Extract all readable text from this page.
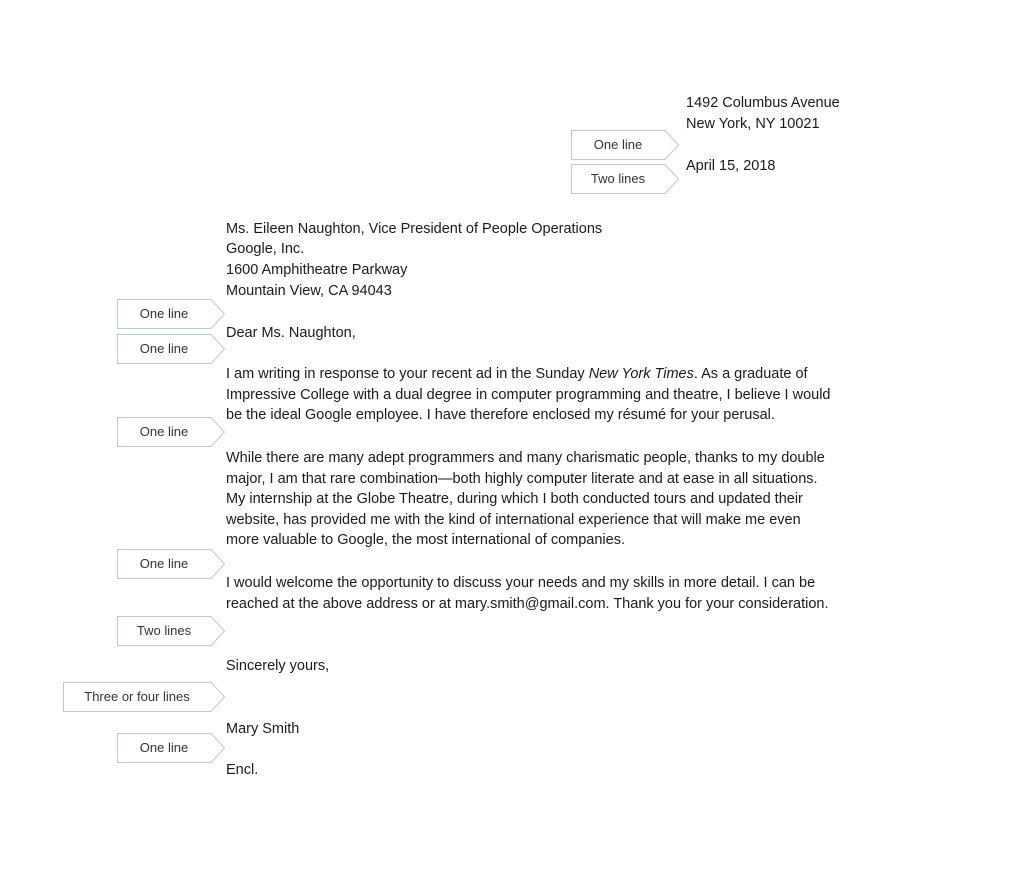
1492 Columbus Avenue

New York, NY 10021

April 15, 2018

Ms. Eileen Naughton, Vice President of People Operations

Google, Inc.

1600 Amphitheatre Parkway

Mountain View, CA 94043

Dear Ms. Naughton,

I am writing in response to your recent ad in the Sunday New York Times. As a graduate of
Impressive College with a dual degree in computer programming and theatre, I believe I would
be the ideal Google employee. I have therefore enclosed my résumé for your perusal.
While there are many adept programmers and many charismatic people, thanks to my double
major, I am that rare combination—both highly computer literate and at ease in all situations.
My internship at the Globe Theatre, during which I both conducted tours and updated their
website, has provided me with the kind of international experience that will make me even
more valuable to Google, the most international of companies.
I would welcome the opportunity to discuss your needs and my skills in more detail. I can be
reached at the above address or at mary.smith@gmail.com. Thank you for your consideration.

Sincerely yours,

Mary Smith

Encl.

One line
Two lines
One line
One line
One line
One line
Two lines
Three or four lines
One line
